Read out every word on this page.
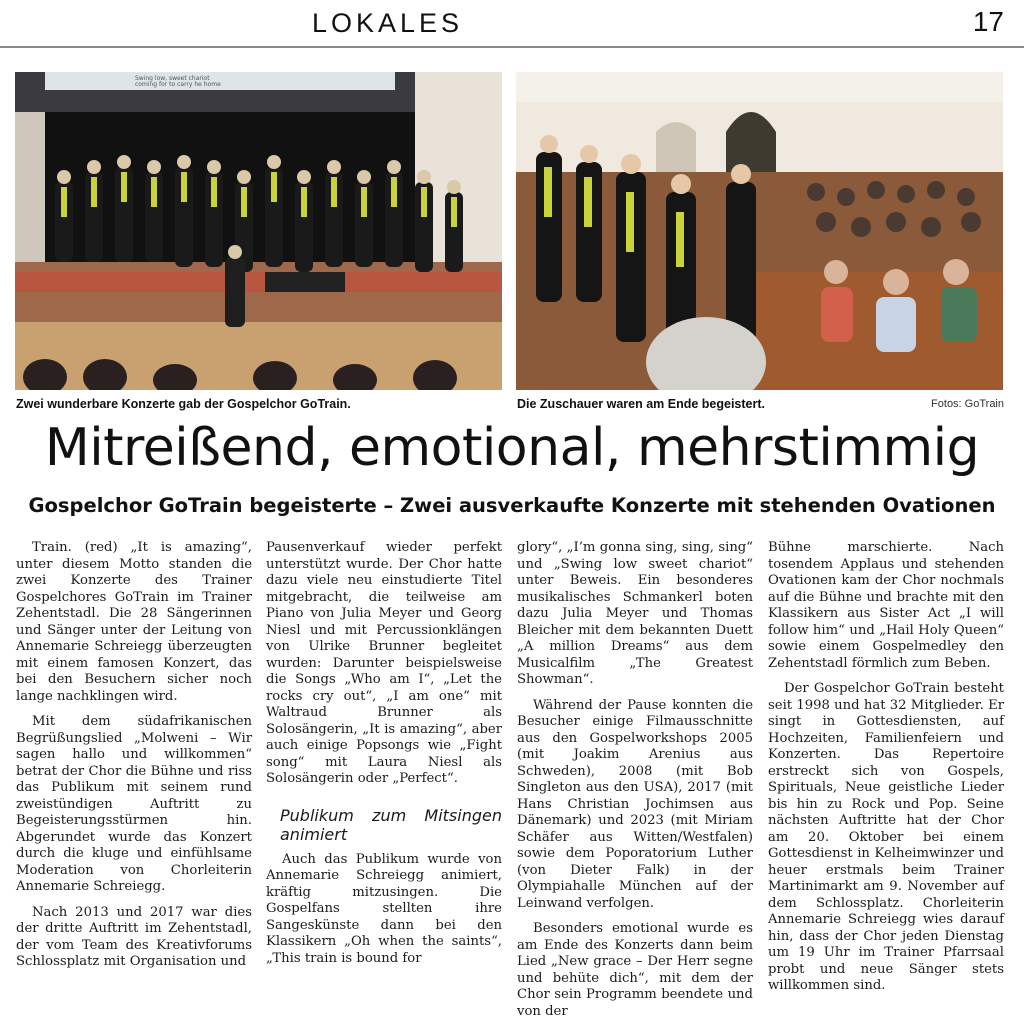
LOKALES	17
Swing low, sweet chariot
coming for to carry he home
Zwei wunderbare Konzerte gab der Gospelchor GoTrain.	Die Zuschauer waren am Ende begeistert.	Fotos: GoTrain
Mitreißend, emotional, mehrstimmig
Gospelchor GoTrain begeisterte – Zwei ausverkaufte Konzerte mit stehenden Ovationen

Train. (red) „It is amazing“, unter diesem Motto standen die zwei Konzerte des Trainer Gospelchores GoTrain im Trainer Zehentstadl. Die 28 Sängerinnen und Sänger unter der Leitung von Annemarie Schreiegg überzeugten mit einem famosen Konzert, das bei den Besuchern sicher noch lange nachklingen wird.

Mit dem südafrikanischen Begrüßungslied „Molweni – Wir sagen hallo und willkommen“ betrat der Chor die Bühne und riss das Publikum mit seinem rund zweistündigen Auftritt zu Begeisterungsstürmen hin. Abgerundet wurde das Konzert durch die kluge und einfühlsame Moderation von Chorleiterin Annemarie Schreiegg.

Nach 2013 und 2017 war dies der dritte Auftritt im Zehentstadl, der vom Team des Kreativforums Schlossplatz mit Organisation und

Pausenverkauf wieder perfekt unterstützt wurde. Der Chor hatte dazu viele neu einstudierte Titel mitgebracht, die teilweise am Piano von Julia Meyer und Georg Niesl und mit Percussionklängen von Ulrike Brunner begleitet wurden: Darunter beispielsweise die Songs „Who am I“, „Let the rocks cry out“, „I am one“ mit Waltraud Brunner als Solosängerin, „It is amazing“, aber auch einige Popsongs wie „Fight song“ mit Laura Niesl als Solosängerin oder „Perfect“.

Publikum zum Mitsingen animiert

Auch das Publikum wurde von Annemarie Schreiegg animiert, kräftig mitzusingen. Die Gospelfans stellten ihre Sangeskünste dann bei den Klassikern „Oh when the saints“, „This train is bound for

glory“, „I’m gonna sing, sing, sing“ und „Swing low sweet chariot“ unter Beweis. Ein besonderes musikalisches Schmankerl boten dazu Julia Meyer und Thomas Bleicher mit dem bekannten Duett „A million Dreams“ aus dem Musicalfilm „The Greatest Showman“.

Während der Pause konnten die Besucher einige Filmausschnitte aus den Gospelworkshops 2005 (mit Joakim Arenius aus Schweden), 2008 (mit Bob Singleton aus den USA), 2017 (mit Hans Christian Jochimsen aus Dänemark) und 2023 (mit Miriam Schäfer aus Witten/Westfalen) sowie dem Poporatorium Luther (von Dieter Falk) in der Olympiahalle München auf der Leinwand verfolgen.

Besonders emotional wurde es am Ende des Konzerts dann beim Lied „New grace – Der Herr segne und behüte dich“, mit dem der Chor sein Programm beendete und von der

Bühne marschierte. Nach tosendem Applaus und stehenden Ovationen kam der Chor nochmals auf die Bühne und brachte mit den Klassikern aus Sister Act „I will follow him“ und „Hail Holy Queen“ sowie einem Gospelmedley den Zehentstadl förmlich zum Beben.

Der Gospelchor GoTrain besteht seit 1998 und hat 32 Mitglieder. Er singt in Gottesdiensten, auf Hochzeiten, Familienfeiern und Konzerten. Das Repertoire erstreckt sich von Gospels, Spirituals, Neue geistliche Lieder bis hin zu Rock und Pop. Seine nächsten Auftritte hat der Chor am 20. Oktober bei einem Gottesdienst in Kelheimwinzer und heuer erstmals beim Trainer Martinimarkt am 9. November auf dem Schlossplatz. Chorleiterin Annemarie Schreiegg wies darauf hin, dass der Chor jeden Dienstag um 19 Uhr im Trainer Pfarrsaal probt und neue Sänger stets willkommen sind.
